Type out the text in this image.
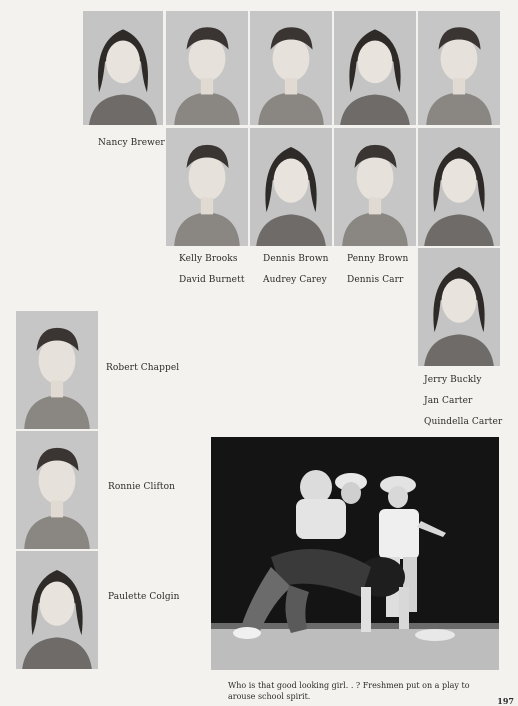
Nancy Brewer
Kelly Brooks
David Burnett
Dennis Brown
Audrey Carey
Penny Brown
Dennis Carr
Jerry Buckly
Jan Carter
Quindella Carter
Robert Chappel
Ronnie Clifton
Paulette Colgin
Who is that good looking girl. . ? Freshmen put on a play to
arouse school spirit.	197
